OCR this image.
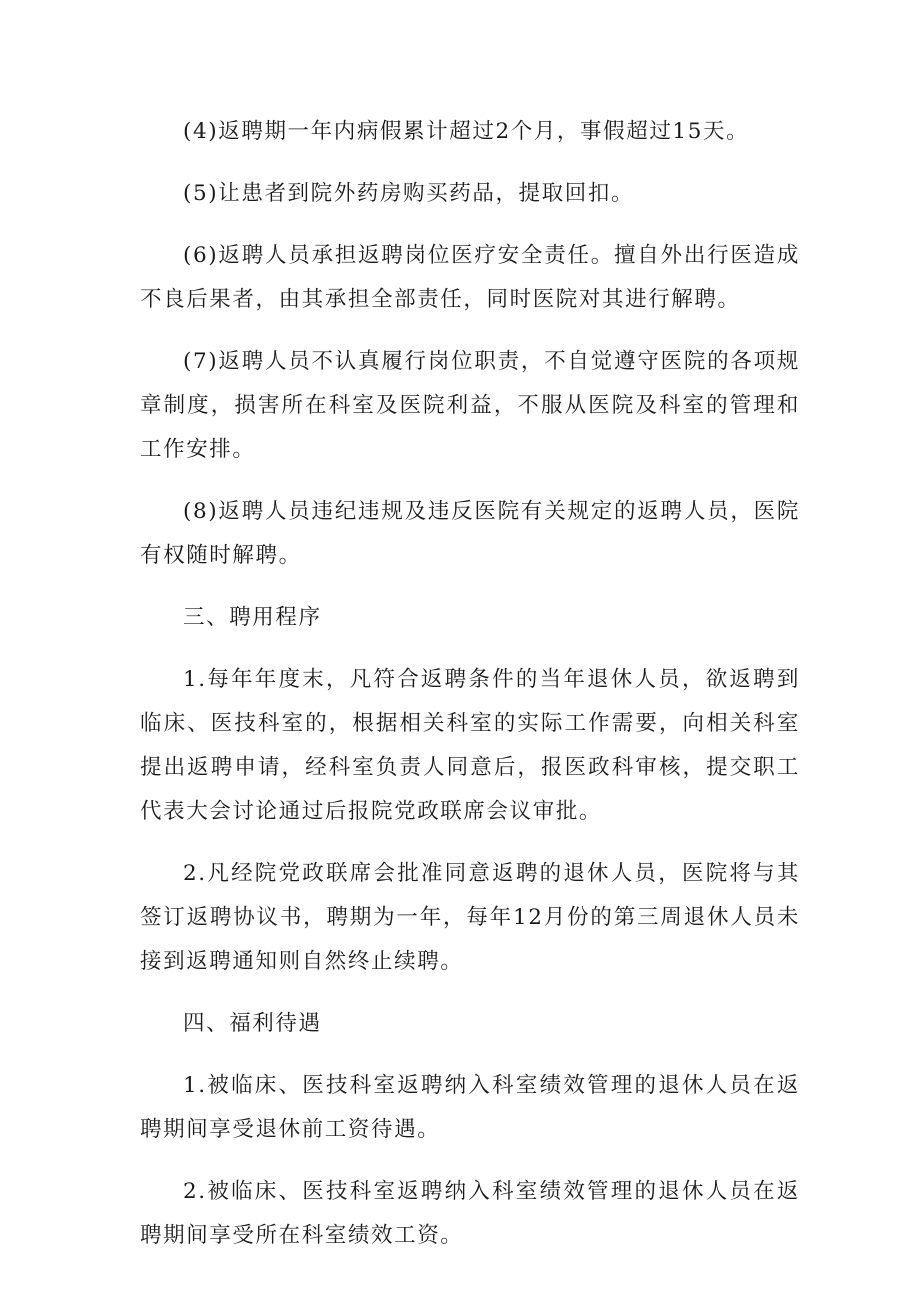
(4)返聘期一年内病假累计超过2个月，事假超过15天。

(5)让患者到院外药房购买药品，提取回扣。

(6)返聘人员承担返聘岗位医疗安全责任。擅自外出行医造成不良后果者，由其承担全部责任，同时医院对其进行解聘。

(7)返聘人员不认真履行岗位职责，不自觉遵守医院的各项规章制度，损害所在科室及医院利益，不服从医院及科室的管理和工作安排。

(8)返聘人员违纪违规及违反医院有关规定的返聘人员，医院有权随时解聘。

三、聘用程序

1.每年年度末，凡符合返聘条件的当年退休人员，欲返聘到临床、医技科室的，根据相关科室的实际工作需要，向相关科室提出返聘申请，经科室负责人同意后，报医政科审核，提交职工代表大会讨论通过后报院党政联席会议审批。

2.凡经院党政联席会批准同意返聘的退休人员，医院将与其签订返聘协议书，聘期为一年，每年12月份的第三周退休人员未接到返聘通知则自然终止续聘。

四、福利待遇

1.被临床、医技科室返聘纳入科室绩效管理的退休人员在返聘期间享受退休前工资待遇。

2.被临床、医技科室返聘纳入科室绩效管理的退休人员在返聘期间享受所在科室绩效工资。
